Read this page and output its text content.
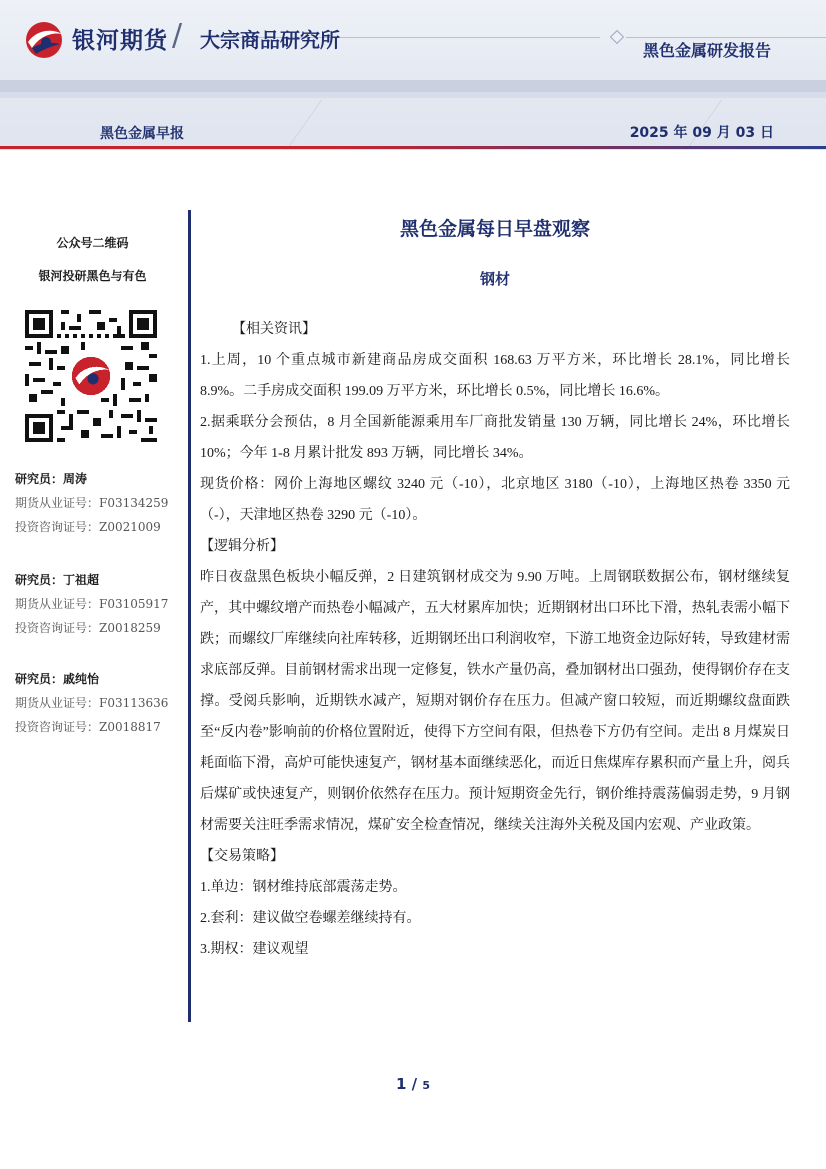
银河期货 / 大宗商品研究所	黑色金属研发报告
黑色金属早报	2025 年 09 月 03 日
公众号二维码
银河投研黑色与有色
研究员：周涛
期货从业证号：F03134259
投资咨询证号：Z0021009
研究员：丁祖超
期货从业证号：F03105917
投资咨询证号：Z0018259
研究员：戚纯怡
期货从业证号：F03113636
投资咨询证号：Z0018817
黑色金属每日早盘观察
钢材

【相关资讯】

1.上周，10 个重点城市新建商品房成交面积 168.63 万平方米，环比增长 28.1%，同比增长 8.9%。二手房成交面积 199.09 万平方米，环比增长 0.5%，同比增长 16.6%。

2.据乘联分会预估，8 月全国新能源乘用车厂商批发销量 130 万辆，同比增长 24%，环比增长 10%；今年 1-8 月累计批发 893 万辆，同比增长 34%。

现货价格：网价上海地区螺纹 3240 元（-10），北京地区 3180（-10），上海地区热卷 3350 元（-），天津地区热卷 3290 元（-10）。

【逻辑分析】

昨日夜盘黑色板块小幅反弹，2 日建筑钢材成交为 9.90 万吨。上周钢联数据公布，钢材继续复产，其中螺纹增产而热卷小幅减产，五大材累库加快；近期钢材出口环比下滑，热轧表需小幅下跌；而螺纹厂库继续向社库转移，近期钢坯出口利润收窄，下游工地资金边际好转，导致建材需求底部反弹。目前钢材需求出现一定修复，铁水产量仍高，叠加钢材出口强劲，使得钢价存在支撑。受阅兵影响，近期铁水减产，短期对钢价存在压力。但减产窗口较短，而近期螺纹盘面跌至“反内卷”影响前的价格位置附近，使得下方空间有限，但热卷下方仍有空间。走出 8 月煤炭日耗面临下滑，高炉可能快速复产，钢材基本面继续恶化，而近日焦煤库存累积而产量上升，阅兵后煤矿或快速复产，则钢价依然存在压力。预计短期资金先行，钢价维持震荡偏弱走势，9 月钢材需要关注旺季需求情况，煤矿安全检查情况，继续关注海外关税及国内宏观、产业政策。

【交易策略】

1.单边：钢材维持底部震荡走势。

2.套利：建议做空卷螺差继续持有。

3.期权：建议观望

1 / 5
